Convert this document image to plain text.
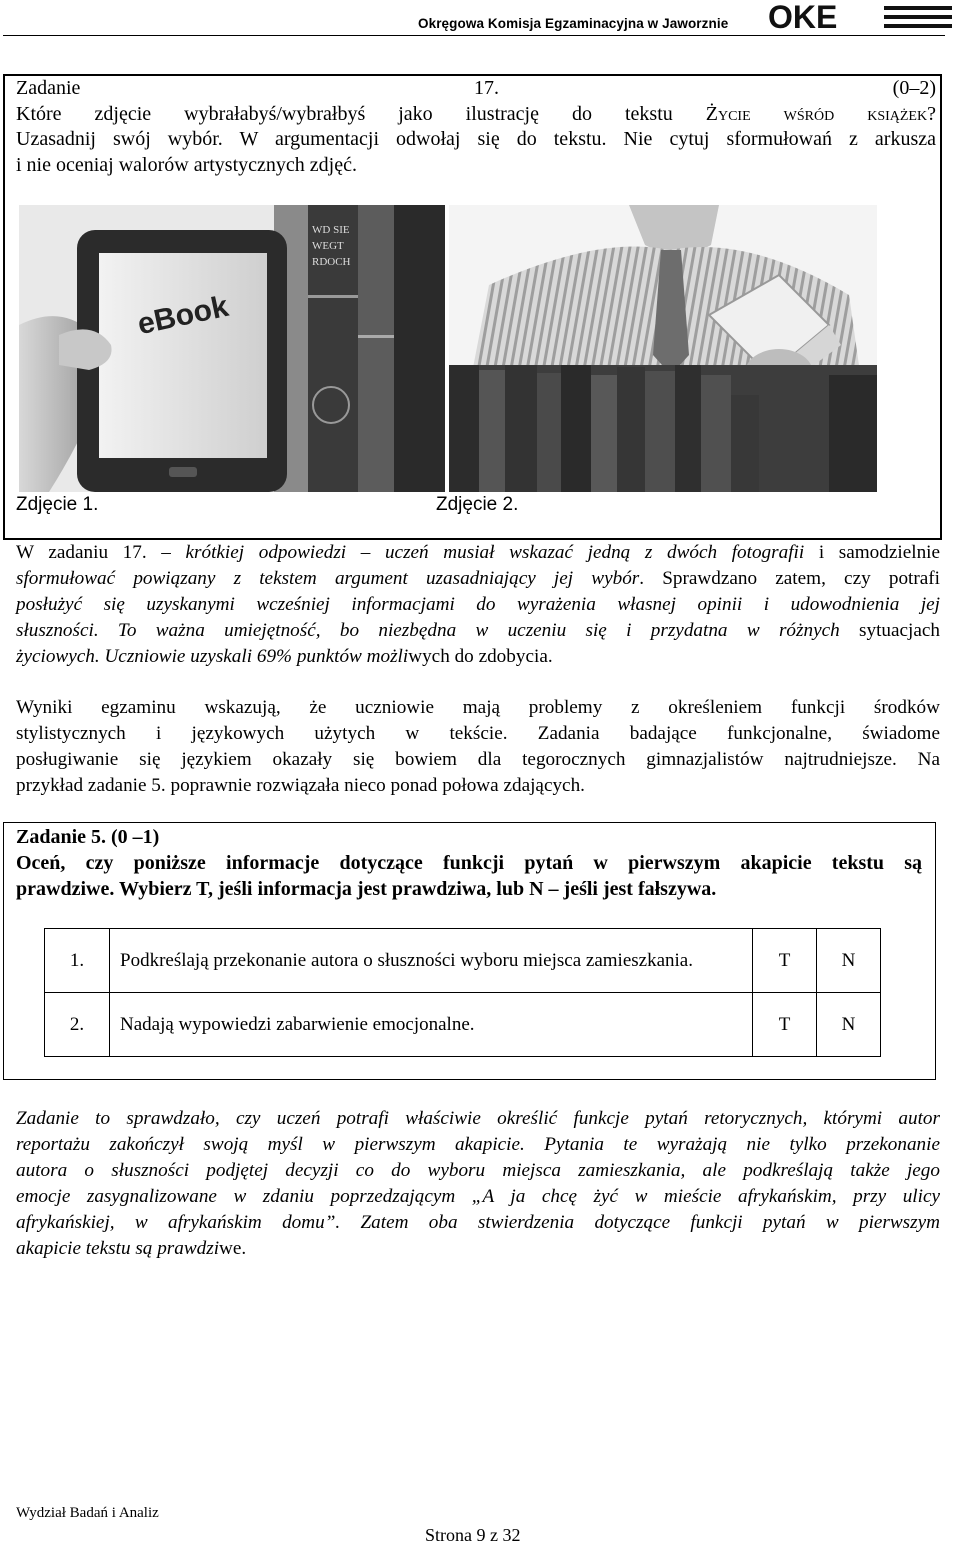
Okręgowa Komisja Egzaminacyjna w Jaworznie OKE
Zadanie 17. (0–2)
Które zdjęcie wybrałabyś/wybrałbyś jako ilustrację do tekstu Życie wśród książek?
Uzasadnij swój wybór. W argumentacji odwołaj się do tekstu. Nie cytuj sformułowań z arkusza
i nie oceniaj walorów artystycznych zdjęć.
WD SIE
WEGT
RDOCH
eBook
Zdjęcie 1.	Zdjęcie 2.
W zadaniu 17. – krótkiej odpowiedzi – uczeń musiał wskazać jedną z dwóch fotografii i samodzielnie
sformułować powiązany z tekstem argument uzasadniający jej wybór. Sprawdzano zatem, czy potrafi
posłużyć się uzyskanymi wcześniej informacjami do wyrażenia własnej opinii i udowodnienia jej
słuszności. To ważna umiejętność, bo niezbędna w uczeniu się i przydatna w różnych sytuacjach
życiowych. Uczniowie uzyskali 69% punktów możliwych do zdobycia.
Wyniki egzaminu wskazują, że uczniowie mają problemy z określeniem funkcji środków
stylistycznych i językowych użytych w tekście. Zadania badające funkcjonalne, świadome
posługiwanie się językiem okazały się bowiem dla tegorocznych gimnazjalistów najtrudniejsze. Na
przykład zadanie 5. poprawnie rozwiązała nieco ponad połowa zdających.
Zadanie 5. (0 –1)
Oceń, czy poniższe informacje dotyczące funkcji pytań w pierwszym akapicie tekstu są
prawdziwe. Wybierz T, jeśli informacja jest prawdziwa, lub N – jeśli jest fałszywa.
1.	Podkreślają przekonanie autora o słuszności wyboru miejsca zamieszkania.	T	N
2.	Nadają wypowiedzi zabarwienie emocjonalne.	T	N
Zadanie to sprawdzało, czy uczeń potrafi właściwie określić funkcje pytań retorycznych, którymi autor
reportażu zakończył swoją myśl w pierwszym akapicie. Pytania te wyrażają nie tylko przekonanie
autora o słuszności podjętej decyzji co do wyboru miejsca zamieszkania, ale podkreślają także jego
emocje zasygnalizowane w zdaniu poprzedzającym „A ja chcę żyć w mieście afrykańskim, przy ulicy
afrykańskiej, w afrykańskim domu”. Zatem oba stwierdzenia dotyczące funkcji pytań w pierwszym
akapicie tekstu są prawdziwe.
Wydział Badań i Analiz
Strona 9 z 32
